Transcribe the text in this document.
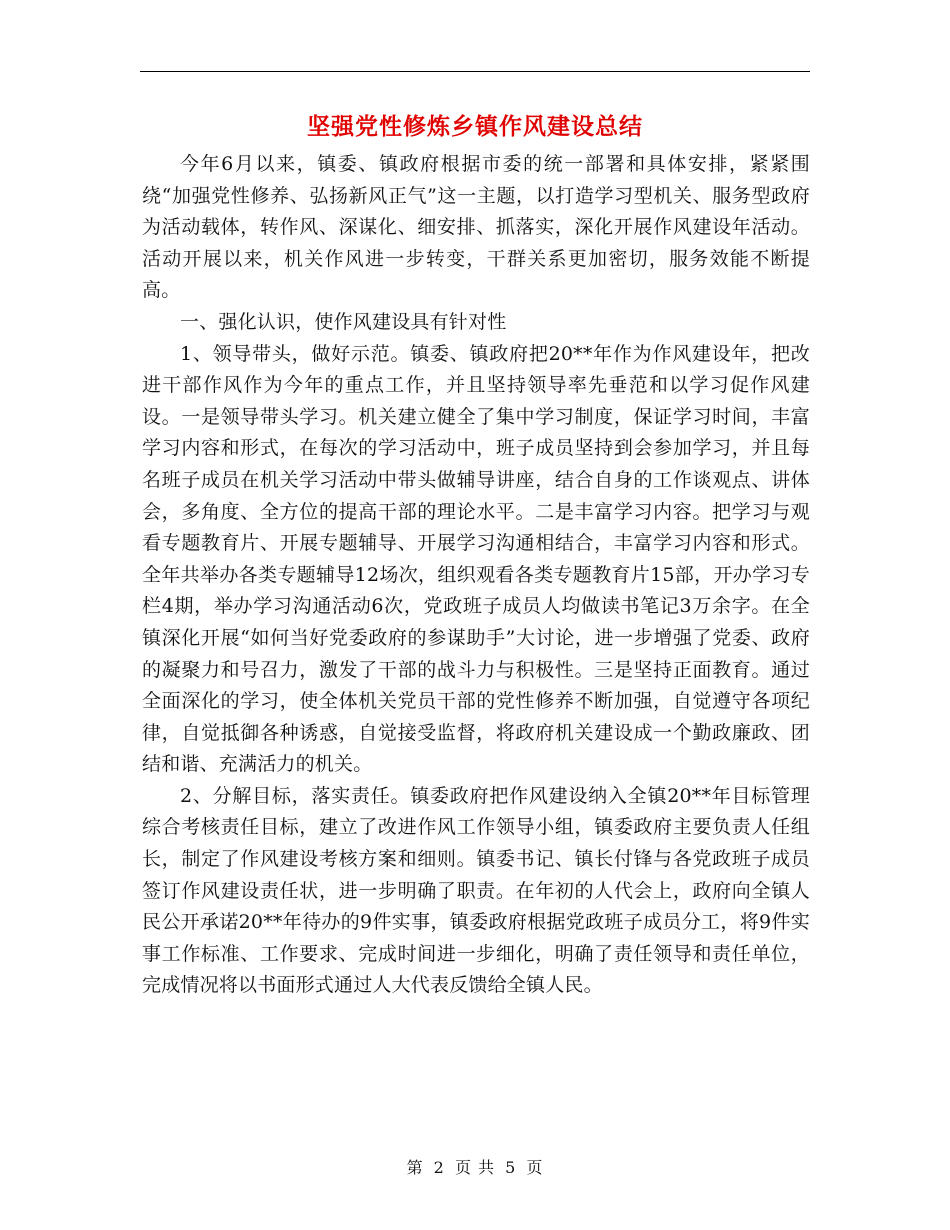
坚强党性修炼乡镇作风建设总结

今年6月以来，镇委、镇政府根据市委的统一部署和具体安排，紧紧围绕“加强党性修养、弘扬新风正气”这一主题，以打造学习型机关、服务型政府为活动载体，转作风、深谋化、细安排、抓落实，深化开展作风建设年活动。活动开展以来，机关作风进一步转变，干群关系更加密切，服务效能不断提高。

一、强化认识，使作风建设具有针对性

1、领导带头，做好示范。镇委、镇政府把20**年作为作风建设年，把改进干部作风作为今年的重点工作，并且坚持领导率先垂范和以学习促作风建设。一是领导带头学习。机关建立健全了集中学习制度，保证学习时间，丰富学习内容和形式，在每次的学习活动中，班子成员坚持到会参加学习，并且每名班子成员在机关学习活动中带头做辅导讲座，结合自身的工作谈观点、讲体会，多角度、全方位的提高干部的理论水平。二是丰富学习内容。把学习与观看专题教育片、开展专题辅导、开展学习沟通相结合，丰富学习内容和形式。全年共举办各类专题辅导12场次，组织观看各类专题教育片15部，开办学习专栏4期，举办学习沟通活动6次，党政班子成员人均做读书笔记3万余字。在全镇深化开展“如何当好党委政府的参谋助手”大讨论，进一步增强了党委、政府的凝聚力和号召力，激发了干部的战斗力与积极性。三是坚持正面教育。通过全面深化的学习，使全体机关党员干部的党性修养不断加强，自觉遵守各项纪律，自觉抵御各种诱惑，自觉接受监督，将政府机关建设成一个勤政廉政、团结和谐、充满活力的机关。

2、分解目标，落实责任。镇委政府把作风建设纳入全镇20**年目标管理综合考核责任目标，建立了改进作风工作领导小组，镇委政府主要负责人任组长，制定了作风建设考核方案和细则。镇委书记、镇长付锋与各党政班子成员签订作风建设责任状，进一步明确了职责。在年初的人代会上，政府向全镇人民公开承诺20**年待办的9件实事，镇委政府根据党政班子成员分工，将9件实事工作标准、工作要求、完成时间进一步细化，明确了责任领导和责任单位，完成情况将以书面形式通过人大代表反馈给全镇人民。

第 2 页 共 5 页
